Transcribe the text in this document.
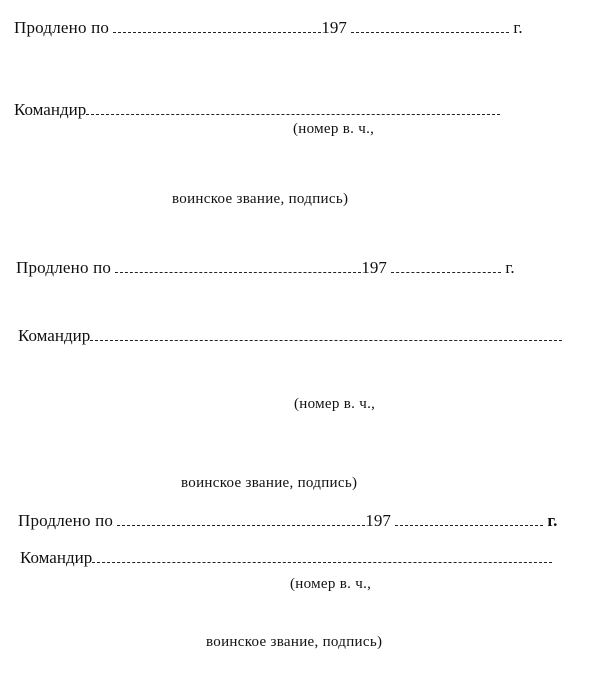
Продлено по	197	г.
Командир
(номер в. ч.,
воинское звание, подпись)
Продлено по	197	г.
Командир
(номер в. ч.,
воинское звание, подпись)
Продлено по	197	г.
Командир
(номер в. ч.,
воинское звание, подпись)
